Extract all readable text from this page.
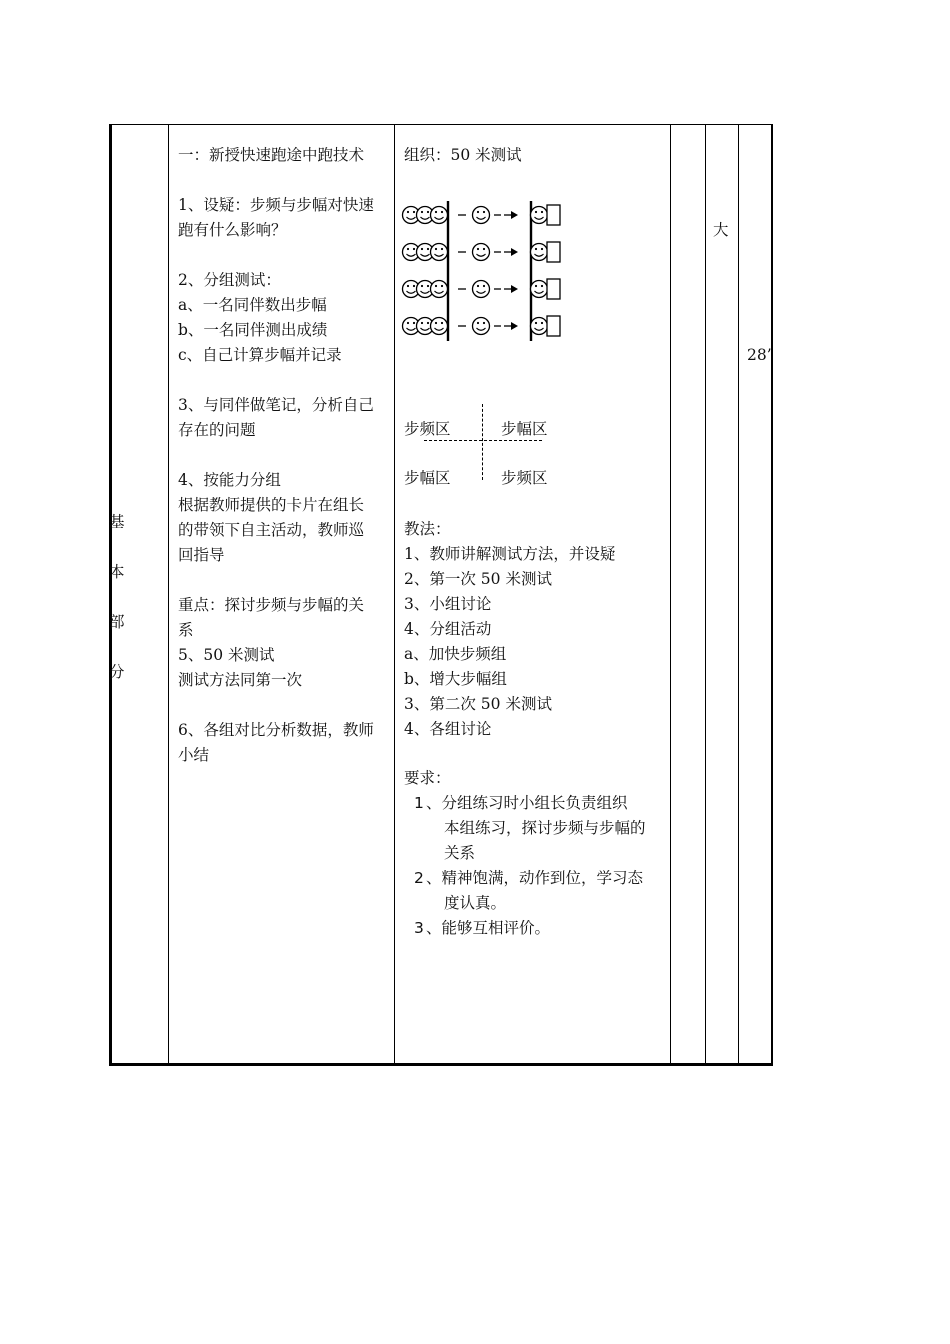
基
本
部
分

一：新授快速跑途中跑技术

1、设疑：步频与步幅对快速
跑有什么影响？

2、分组测试：
a、一名同伴数出步幅
b、一名同伴测出成绩
c、自己计算步幅并记录

3、与同伴做笔记，分析自己
存在的问题

4、按能力分组
根据教师提供的卡片在组长
的带领下自主活动，教师巡
回指导

重点：探讨步频与步幅的关
系
5、50 米测试
测试方法同第一次

6、各组对比分析数据，教师
小结

组织：50 米测试

步频区	步幅区
步幅区	步频区
教法：
1、教师讲解测试方法，并设疑
2、第一次 50 米测试
3、小组讨论
4、分组活动
a、加快步频组
b、增大步幅组
3、第二次 50 米测试
4、各组讨论
要求：
1 、分组练习时小组长负责组织

本组练习，探讨步频与步幅的
关系
2 、精神饱满，动作到位，学习态

度认真。
3 、能够互相评价。

大
28’
